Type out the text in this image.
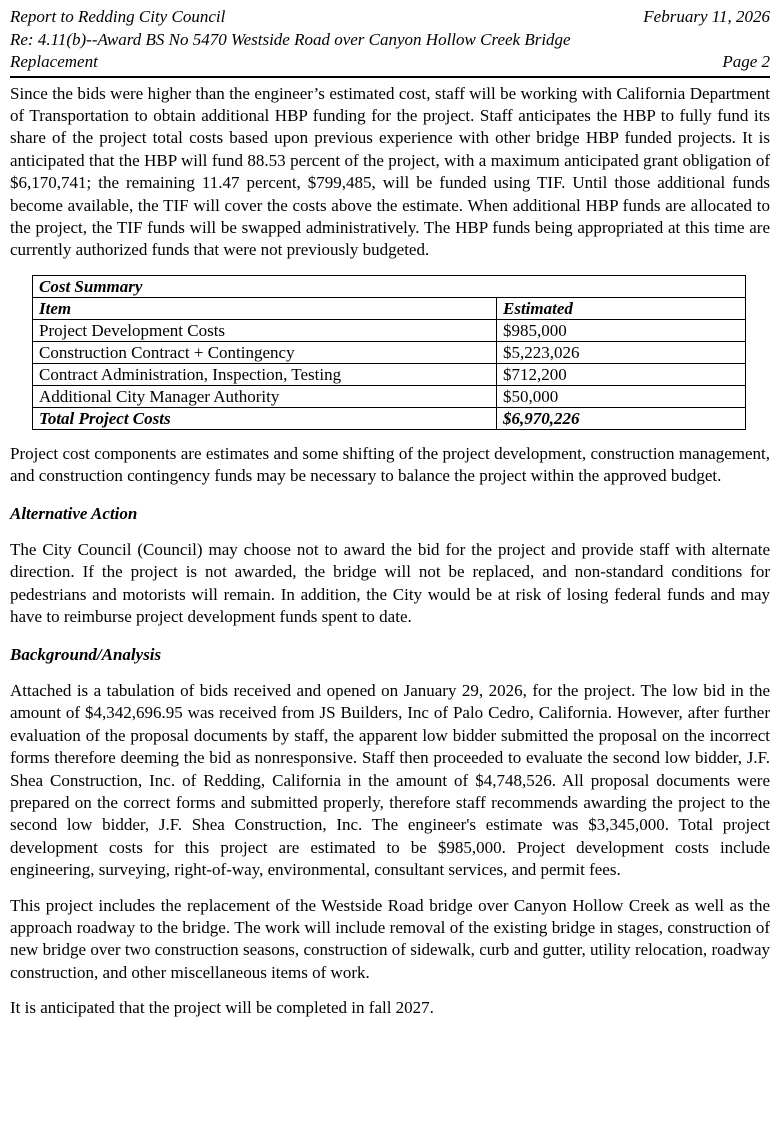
Report to Redding City Council	February 11, 2026
Re: 4.11(b)--Award BS No 5470 Westside Road over Canyon Hollow Creek Bridge
Replacement	Page 2

Since the bids were higher than the engineer’s estimated cost, staff will be working with California Department of Transportation to obtain additional HBP funding for the project. Staff anticipates the HBP to fully fund its share of the project total costs based upon previous experience with other bridge HBP funded projects. It is anticipated that the HBP will fund 88.53 percent of the project, with a maximum anticipated grant obligation of $6,170,741; the remaining 11.47 percent, $799,485, will be funded using TIF. Until those additional funds become available, the TIF will cover the costs above the estimate. When additional HBP funds are allocated to the project, the TIF funds will be swapped administratively. The HBP funds being appropriated at this time are currently authorized funds that were not previously budgeted.

Cost Summary	
Item	Estimated
Project Development Costs	$985,000
Construction Contract + Contingency	$5,223,026
Contract Administration, Inspection, Testing	$712,200
Additional City Manager Authority	$50,000
Total Project Costs	$6,970,226

Project cost components are estimates and some shifting of the project development, construction management, and construction contingency funds may be necessary to balance the project within the approved budget.

Alternative Action

The City Council (Council) may choose not to award the bid for the project and provide staff with alternate direction. If the project is not awarded, the bridge will not be replaced, and non-standard conditions for pedestrians and motorists will remain. In addition, the City would be at risk of losing federal funds and may have to reimburse project development funds spent to date.

Background/Analysis

Attached is a tabulation of bids received and opened on January 29, 2026, for the project. The low bid in the amount of $4,342,696.95 was received from JS Builders, Inc of Palo Cedro, California. However, after further evaluation of the proposal documents by staff, the apparent low bidder submitted the proposal on the incorrect forms therefore deeming the bid as nonresponsive. Staff then proceeded to evaluate the second low bidder, J.F. Shea Construction, Inc. of Redding, California in the amount of $4,748,526. All proposal documents were prepared on the correct forms and submitted properly, therefore staff recommends awarding the project to the second low bidder, J.F. Shea Construction, Inc. The engineer's estimate was $3,345,000. Total project development costs for this project are estimated to be $985,000. Project development costs include engineering, surveying, right-of-way, environmental, consultant services, and permit fees.

This project includes the replacement of the Westside Road bridge over Canyon Hollow Creek as well as the approach roadway to the bridge. The work will include removal of the existing bridge in stages, construction of new bridge over two construction seasons, construction of sidewalk, curb and gutter, utility relocation, roadway construction, and other miscellaneous items of work.

It is anticipated that the project will be completed in fall 2027.
